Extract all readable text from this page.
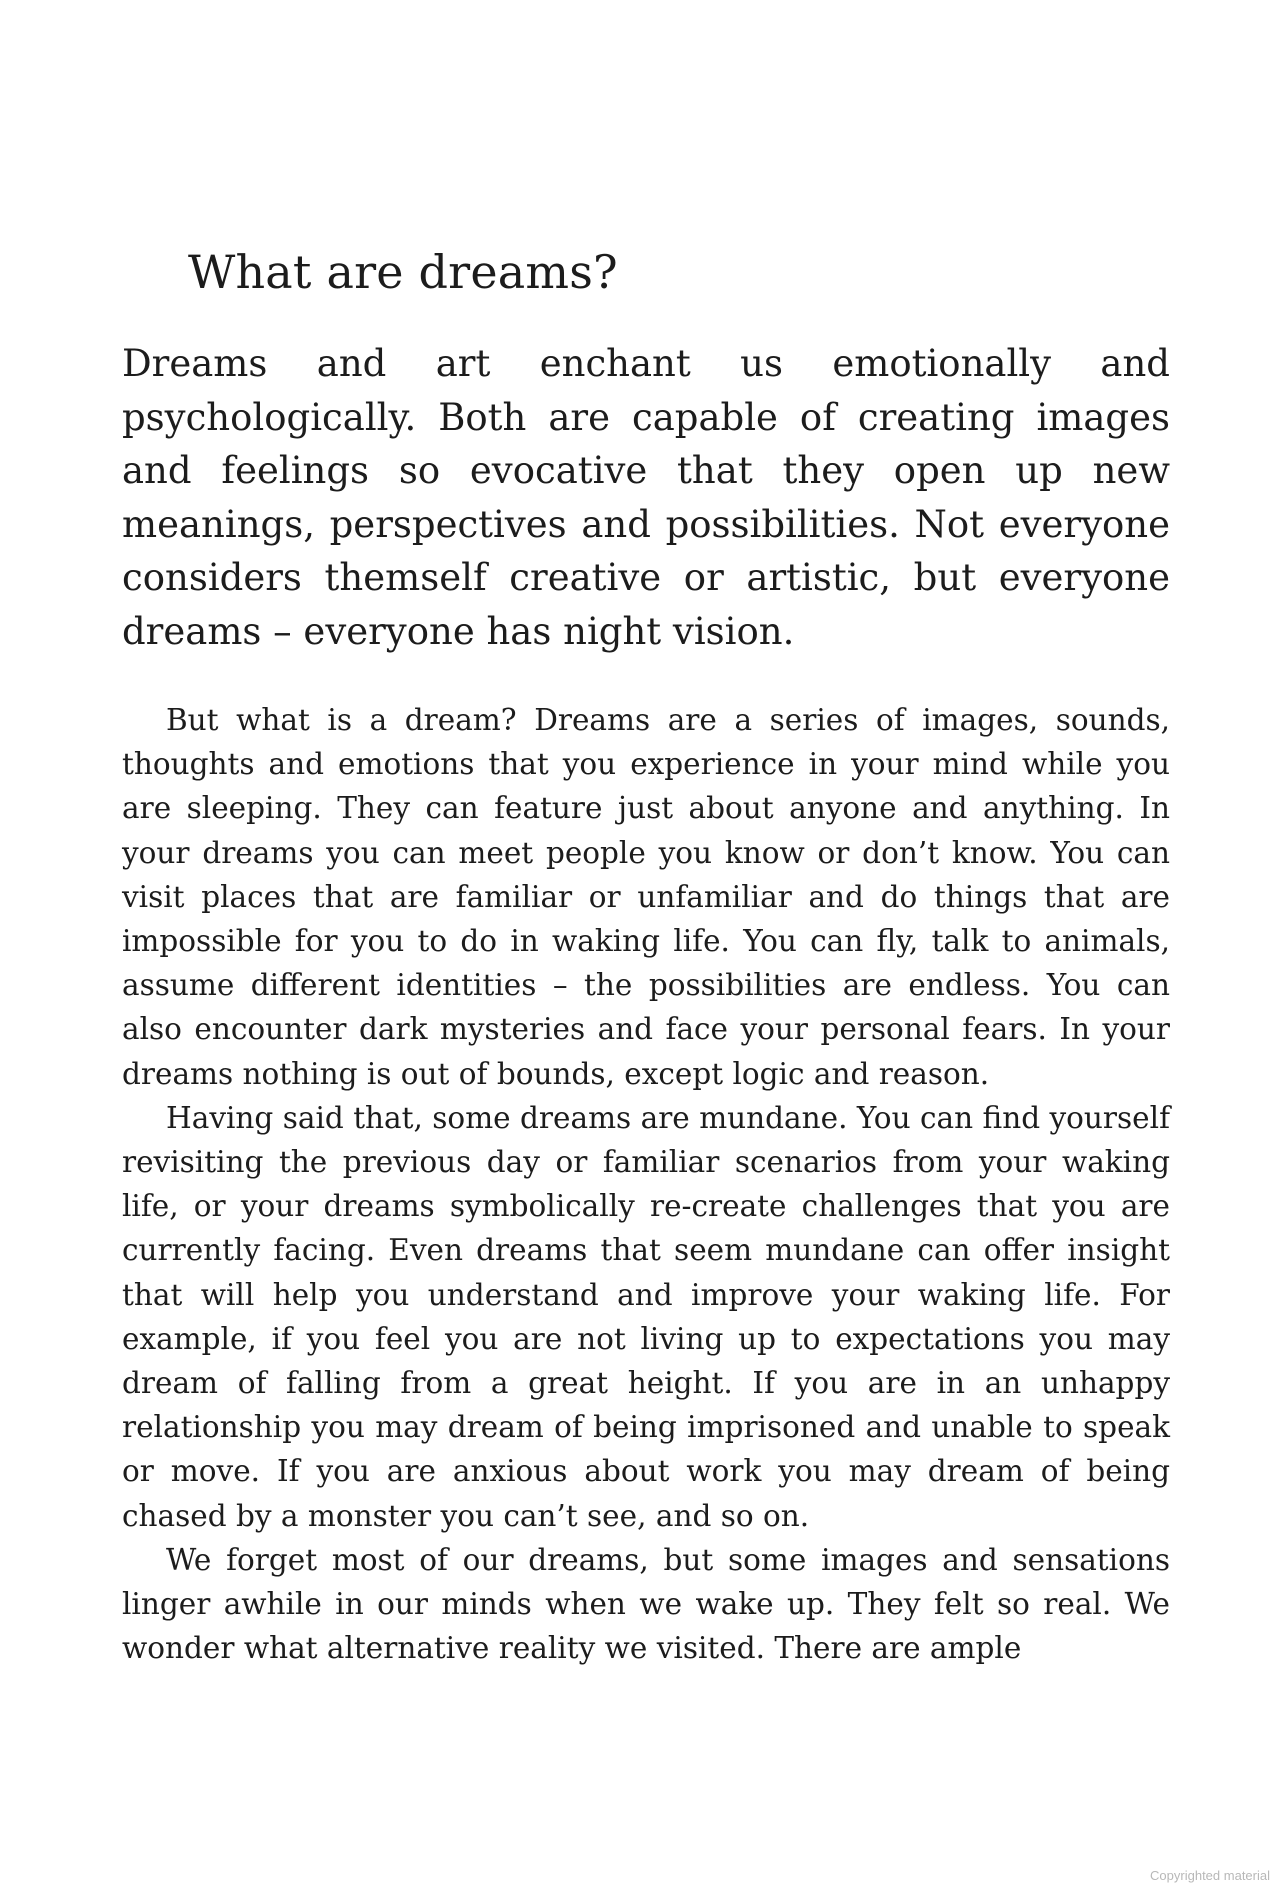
What are dreams?

Dreams and art enchant us emotionally and psychologically. Both are capable of creating images and feelings so evocative that they open up new meanings, perspectives and possibilities. Not everyone considers themself creative or artistic, but everyone dreams – everyone has night vision.

But what is a dream? Dreams are a series of images, sounds, thoughts and emotions that you experience in your mind while you are sleeping. They can feature just about anyone and anything. In your dreams you can meet people you know or don’t know. You can visit places that are familiar or unfamiliar and do things that are impossible for you to do in waking life. You can fly, talk to animals, assume different identities – the possibilities are endless. You can also encounter dark mysteries and face your personal fears. In your dreams nothing is out of bounds, except logic and reason.

Having said that, some dreams are mundane. You can find yourself revisiting the previous day or familiar scenarios from your waking life, or your dreams symbolically re-create challenges that you are currently facing. Even dreams that seem mundane can offer insight that will help you understand and improve your waking life. For example, if you feel you are not living up to expectations you may dream of falling from a great height. If you are in an unhappy relationship you may dream of being imprisoned and unable to speak or move. If you are anxious about work you may dream of being chased by a monster you can’t see, and so on.

We forget most of our dreams, but some images and sensations linger awhile in our minds when we wake up. They felt so real. We wonder what alternative reality we visited. There are ample

Copyrighted material
